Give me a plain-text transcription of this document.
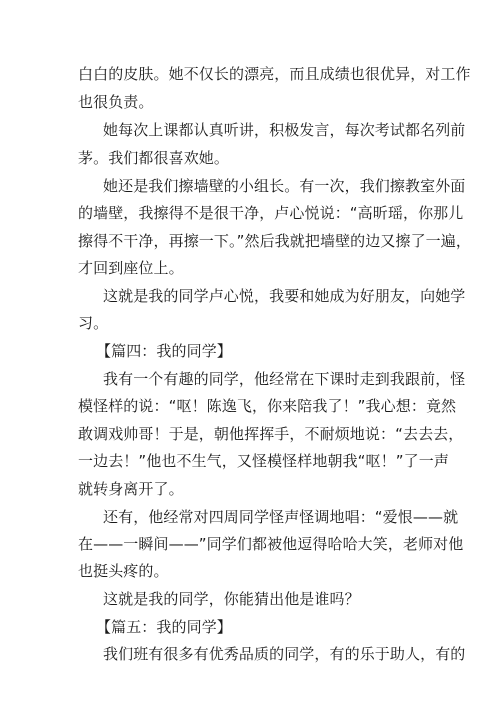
白白的皮肤。她不仅长的漂亮，而且成绩也很优异，对工作
也很负责。
她每次上课都认真听讲，积极发言，每次考试都名列前
茅。我们都很喜欢她。
她还是我们擦墙壁的小组长。有一次，我们擦教室外面
的墙壁，我擦得不是很干净，卢心悦说：“高昕瑶，你那儿
擦得不干净，再擦一下。”然后我就把墙壁的边又擦了一遍，
才回到座位上。
这就是我的同学卢心悦，我要和她成为好朋友，向她学
习。
【篇四：我的同学】
我有一个有趣的同学，他经常在下课时走到我跟前，怪
模怪样的说：“呕！陈逸飞，你来陪我了！”我心想：竟然
敢调戏帅哥！于是，朝他挥挥手，不耐烦地说：“去去去，
一边去！”他也不生气，又怪模怪样地朝我“呕！”了一声
就转身离开了。
还有，他经常对四周同学怪声怪调地唱：“爱恨——就
在——一瞬间——”同学们都被他逗得哈哈大笑，老师对他
也挺头疼的。
这就是我的同学，你能猜出他是谁吗？
【篇五：我的同学】
我们班有很多有优秀品质的同学，有的乐于助人，有的
